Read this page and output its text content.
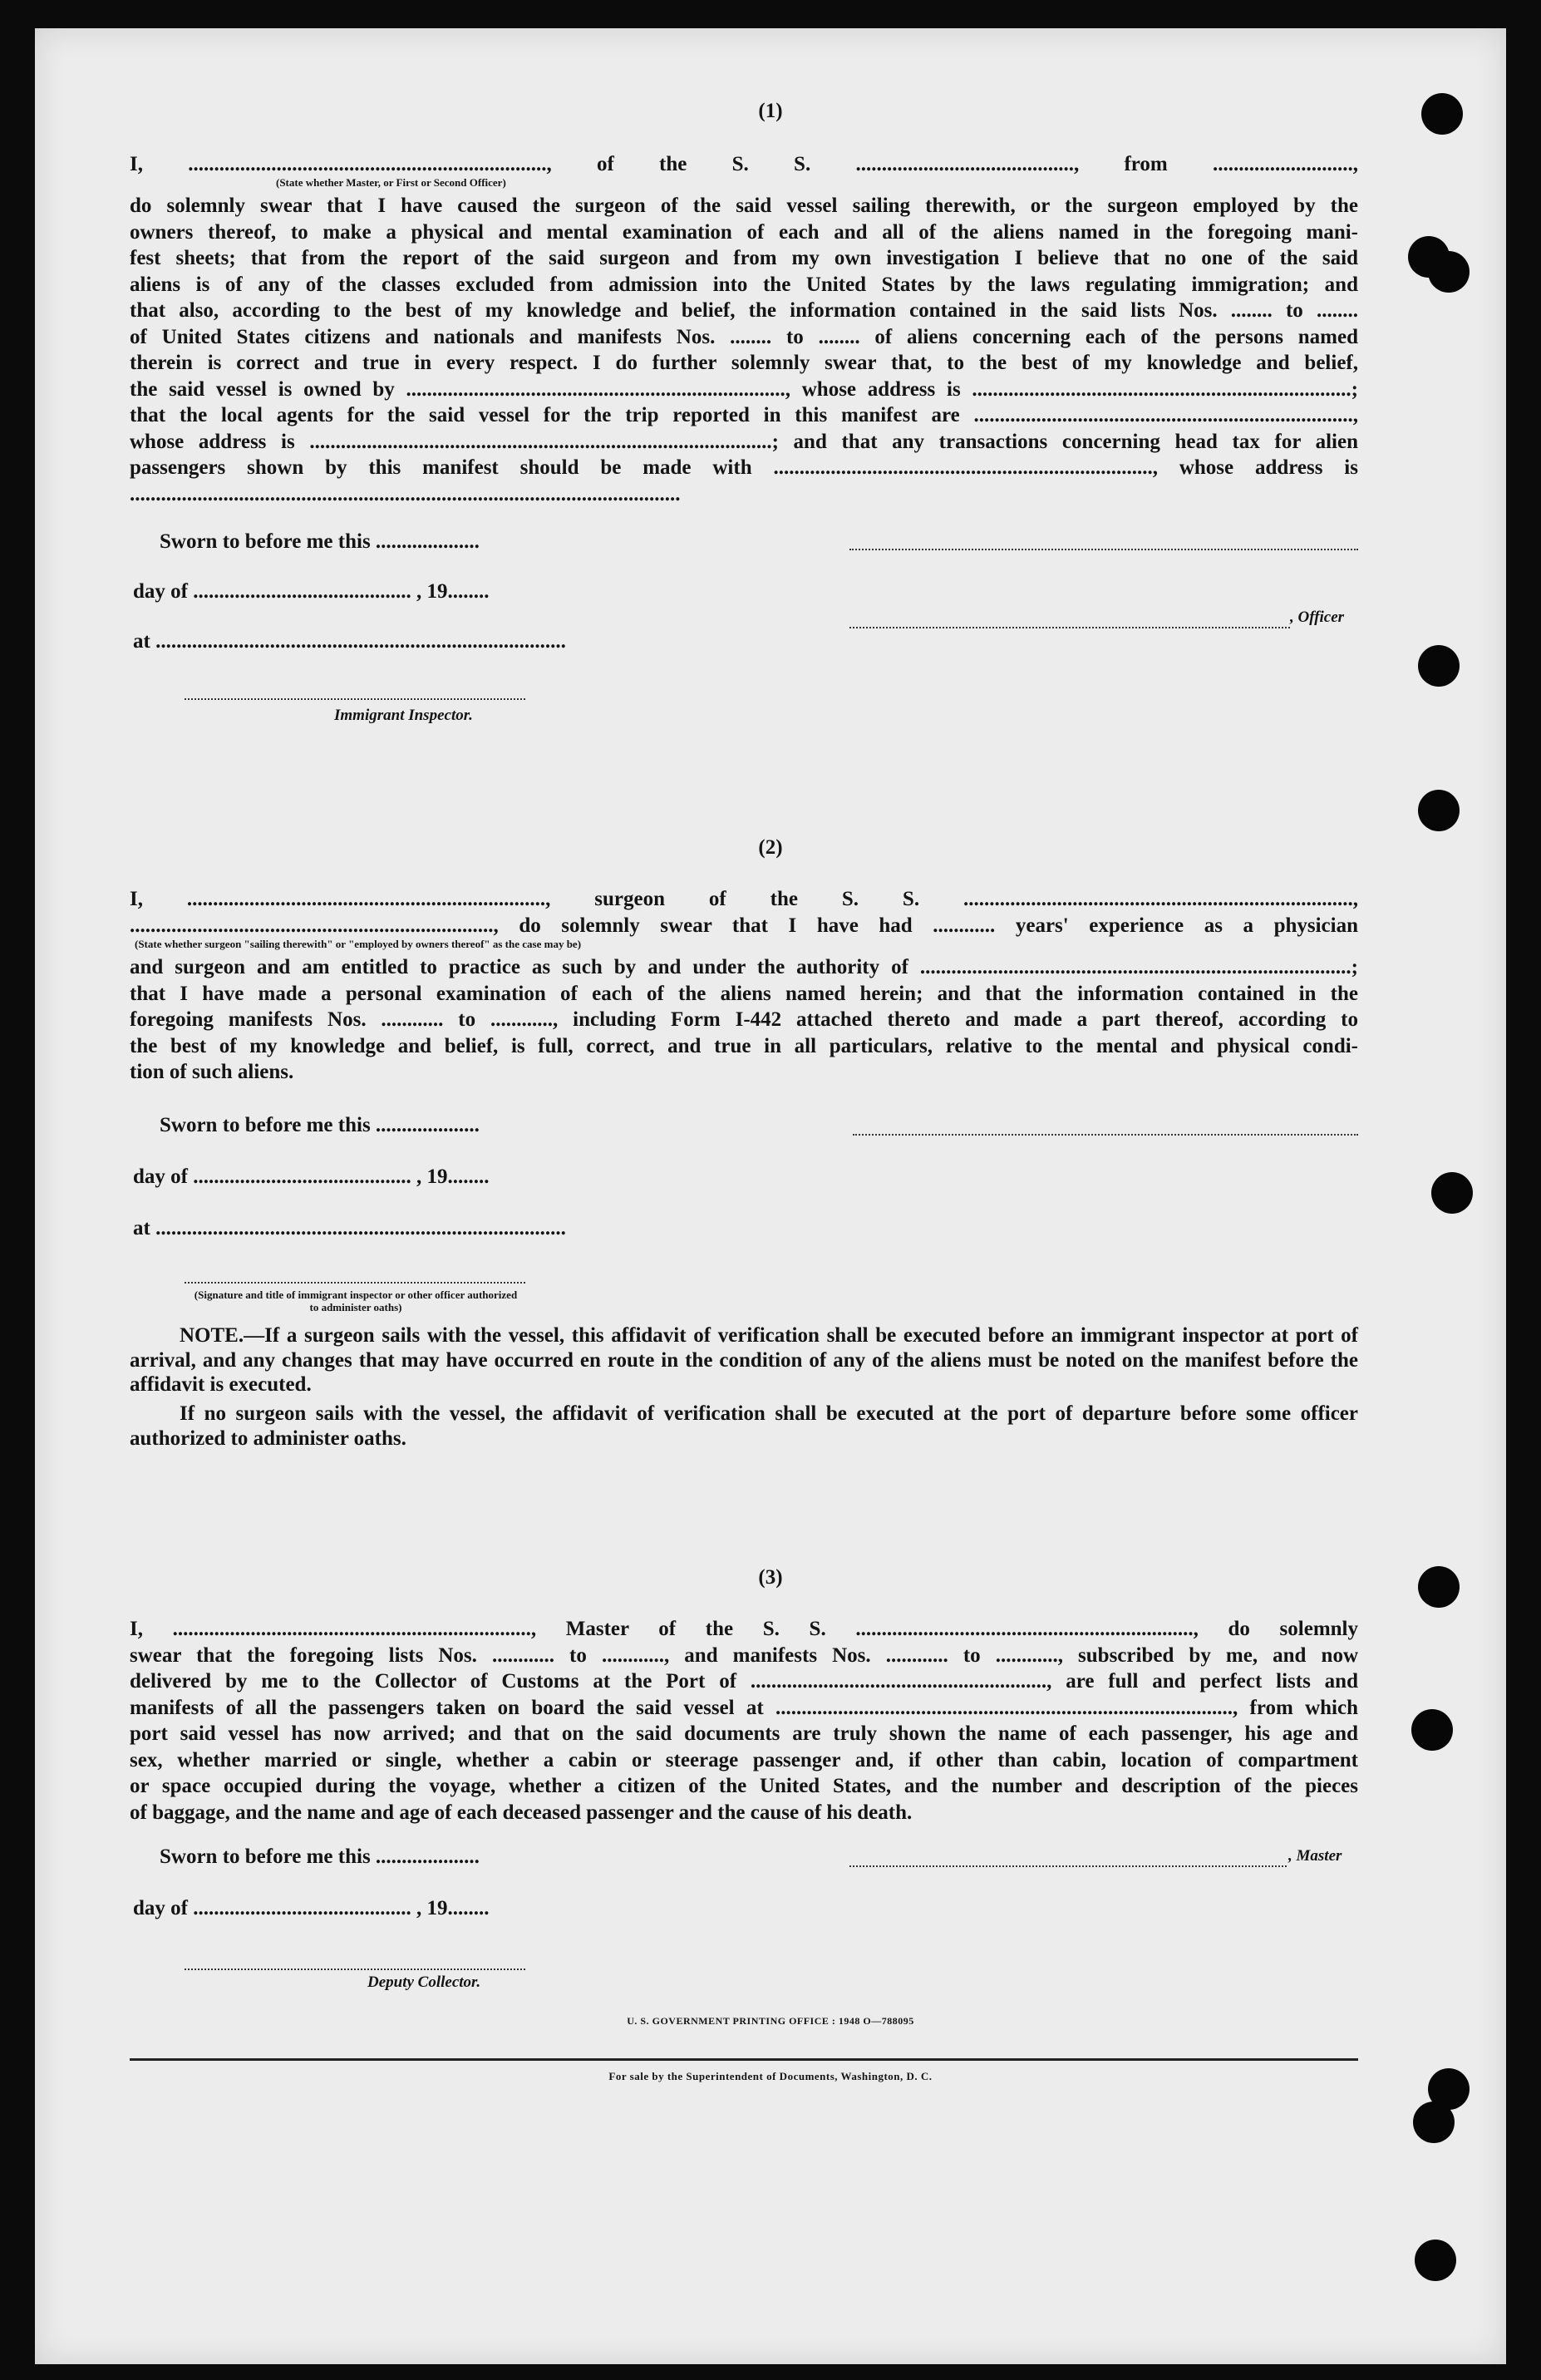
(1)
I, ....................................................................., of the S. S. .........................................., from ...........................,
(State whether Master, or First or Second Officer)
do solemnly swear that I have caused the surgeon of the said vessel sailing therewith, or the surgeon employed by the
owners thereof, to make a physical and mental examination of each and all of the aliens named in the foregoing mani-
fest sheets; that from the report of the said surgeon and from my own investigation I believe that no one of the said
aliens is of any of the classes excluded from admission into the United States by the laws regulating immigration; and
that also, according to the best of my knowledge and belief, the information contained in the said lists Nos. ........ to ........
of United States citizens and nationals and manifests Nos. ........ to ........ of aliens concerning each of the persons named
therein is correct and true in every respect. I do further solemnly swear that, to the best of my knowledge and belief,
the said vessel is owned by ........................................................................., whose address is .........................................................................;
that the local agents for the said vessel for the trip reported in this manifest are .........................................................................,
whose address is .........................................................................................; and that any transactions concerning head tax for alien
passengers shown by this manifest should be made with ........................................................................., whose address is
..........................................................................................................
Sworn to before me this ....................
day of .......................................... , 19........
, Officer
at ...............................................................................
Immigrant Inspector.
(2)
I, ....................................................................., surgeon of the S. S. ...........................................................................,
......................................................................, do solemnly swear that I have had ............ years' experience as a physician
(State whether surgeon "sailing therewith" or "employed by owners thereof" as the case may be)
and surgeon and am entitled to practice as such by and under the authority of ...................................................................................;
that I have made a personal examination of each of the aliens named herein; and that the information contained in the
foregoing manifests Nos. ............ to ............, including Form I-442 attached thereto and made a part thereof, according to
the best of my knowledge and belief, is full, correct, and true in all particulars, relative to the mental and physical condi-
tion of such aliens.
Sworn to before me this ....................
day of .......................................... , 19........
at ...............................................................................
(Signature and title of immigrant inspector or other officer authorized to administer oaths)
NOTE.—If a surgeon sails with the vessel, this affidavit of verification shall be executed before an immigrant inspector at port of arrival, and any changes that may have occurred en route in the condition of any of the aliens must be noted on the manifest before the affidavit is executed.
If no surgeon sails with the vessel, the affidavit of verification shall be executed at the port of departure before some officer authorized to administer oaths.
(3)
I, ....................................................................., Master of the S. S. ................................................................., do solemnly
swear that the foregoing lists Nos. ............ to ............, and manifests Nos. ............ to ............, subscribed by me, and now
delivered by me to the Collector of Customs at the Port of ........................................................., are full and perfect lists and
manifests of all the passengers taken on board the said vessel at ........................................................................................, from which
port said vessel has now arrived; and that on the said documents are truly shown the name of each passenger, his age and
sex, whether married or single, whether a cabin or steerage passenger and, if other than cabin, location of compartment
or space occupied during the voyage, whether a citizen of the United States, and the number and description of the pieces
of baggage, and the name and age of each deceased passenger and the cause of his death.
Sworn to before me this ....................	, Master
day of .......................................... , 19........
Deputy Collector.
U. S. GOVERNMENT PRINTING OFFICE : 1948 O—788095
For sale by the Superintendent of Documents, Washington, D. C.
